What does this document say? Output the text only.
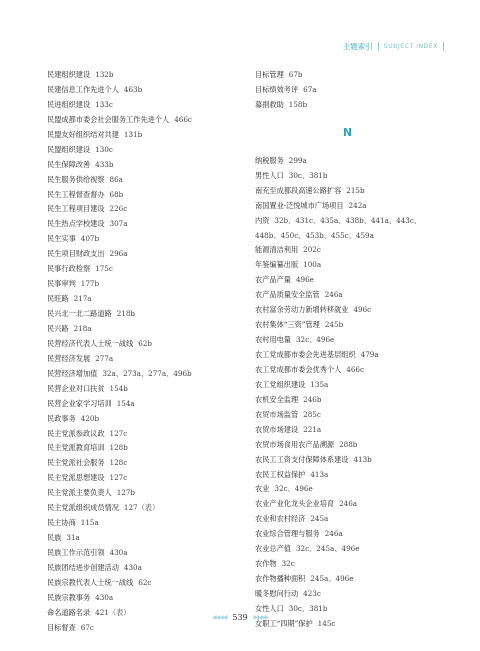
主题索引 SUBJECT INDEX
民建组织建设 132b
民建信息工作先进个人 463b
民进组织建设 133c
民盟成都市委会社会服务工作先进个人 466c
民盟友好组织结对共建 131b
民盟组织建设 130c
民生保障改善 433b
民生服务供给视察 86a
民生工程督查督办 68b
民生工程项目建设 226c
民生热点学校建设 307a
民生实事 407b
民生项目财政支出 296a
民事行政检察 175c
民事审判 177b
民旺路 217a
民兴北一北二路道路 218b
民兴路 218a
民营经济代表人士统一战线 62b
民营经济发展 277a
民营经济增加值 32a、273a、277a、496b
民营企业对口扶贫 154b
民营企业家学习培训 154a
民政事务 420b
民主党派参政议政 127c
民主党派教育培训 128b
民主党派社会服务 128c
民主党派思想建设 127c
民主党派主要负责人 127b
民主党派组织成员情况 127（表）
民主协商 115a
民族 31a
民族工作示范引领 430a
民族团结进步创建活动 430a
民族宗教代表人士统一战线 62c
民族宗教事务 430a
命名道路名录 421（表）
目标督查 67c
目标管理 67b
目标绩效考评 67a
募捐救助 158b
N
纳税服务 299a
男性人口 30c、381b
南充至成都段高速公路扩容 215b
南国置业·泛悦城市广场项目 242a
内资 32b、431c、435a、438b、441a、443c、448b、450c、453b、455c、459a
能源清洁利用 202c
年鉴编纂出版 100a
农产品产量 496e
农产品质量安全监管 246a
农村富余劳动力新增转移就业 496c
农村集体“三资”管理 245b
农村用电量 32c、496e
农工党成都市委会先进基层组织 479a
农工党成都市委会优秀个人 466c
农工党组织建设 135a
农机安全监理 246b
农贸市场监管 285c
农贸市场建设 221a
农贸市场食用农产品溯源 288b
农民工工资支付保障体系建设 413b
农民工权益保护 413a
农业 32c、496e
农业产业化龙头企业培育 246a
农业和农村经济 245a
农业综合管理与服务 246a
农业总产值 32c、245a、496e
农作物 32c
农作物播种面积 245a、496e
暖冬慰问行动 423c
女性人口 30c、381b
女职工“四期”保护 145c
◀◀◀◀ 539 ▶▶▶▶
